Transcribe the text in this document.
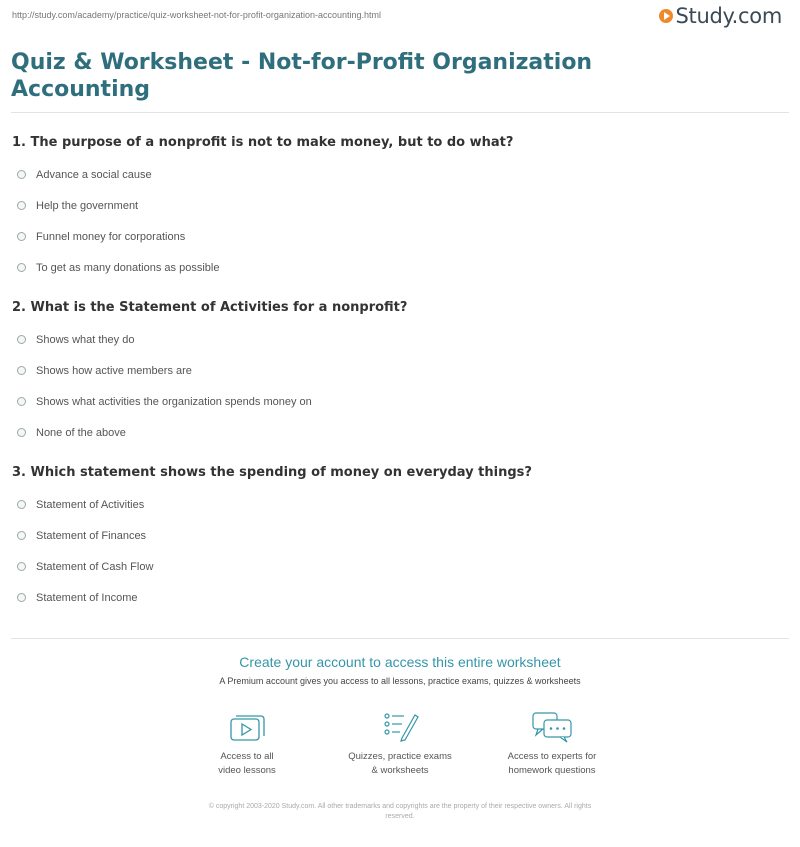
http://study.com/academy/practice/quiz-worksheet-not-for-profit-organization-accounting.html	Study.com
Quiz & Worksheet - Not-for-Profit Organization
Accounting
1. The purpose of a nonprofit is not to make money, but to do what?
Advance a social cause
Help the government
Funnel money for corporations
To get as many donations as possible
2. What is the Statement of Activities for a nonprofit?
Shows what they do
Shows how active members are
Shows what activities the organization spends money on
None of the above
3. Which statement shows the spending of money on everyday things?
Statement of Activities
Statement of Finances
Statement of Cash Flow
Statement of Income
Create your account to access this entire worksheet
A Premium account gives you access to all lessons, practice exams, quizzes & worksheets
Access to all
video lessons
Quizzes, practice exams
& worksheets
Access to experts for
homework questions
© copyright 2003-2020 Study.com. All other trademarks and copyrights are the property of their respective owners. All rights
reserved.
